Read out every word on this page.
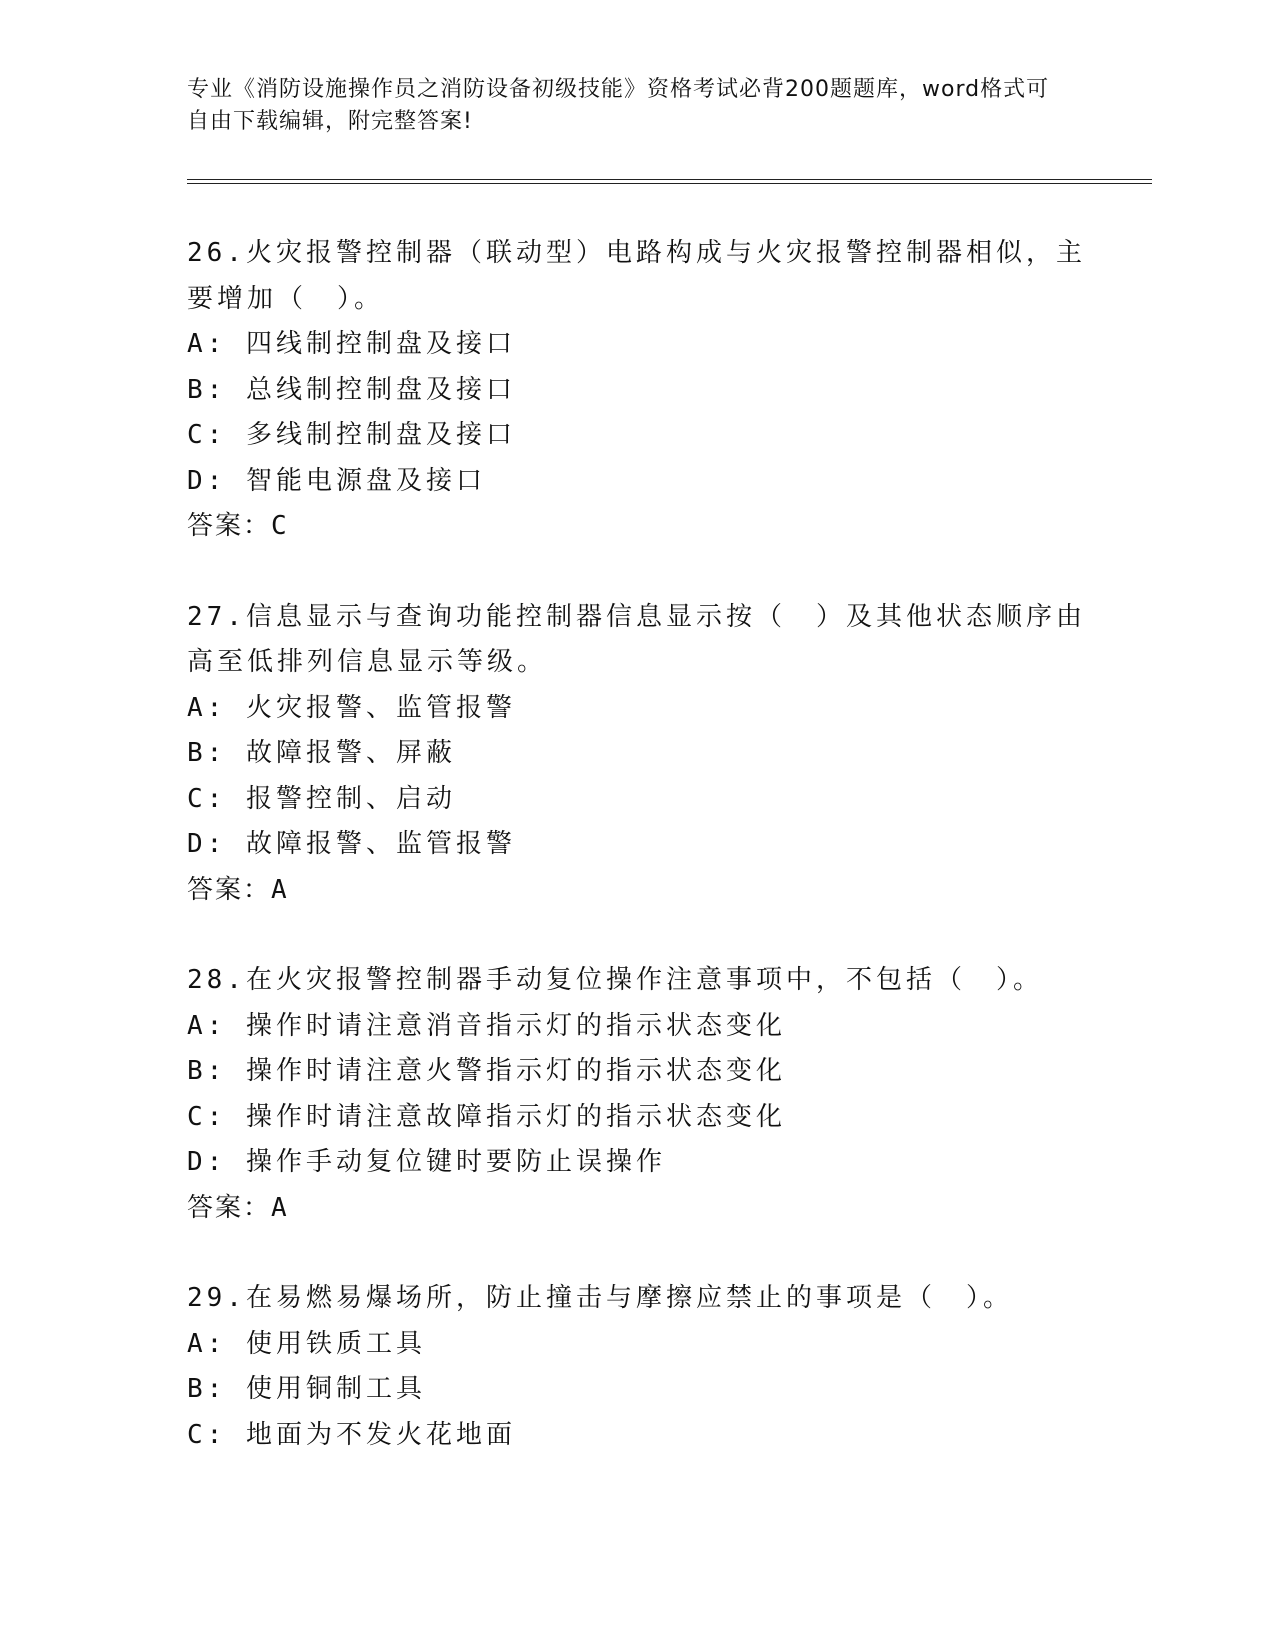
专业《消防设施操作员之消防设备初级技能》资格考试必背200题题库，word格式可自由下载编辑，附完整答案!
26.火灾报警控制器（联动型）电路构成与火灾报警控制器相似，主要增加（　）。
A: 四线制控制盘及接口
B: 总线制控制盘及接口
C: 多线制控制盘及接口
D: 智能电源盘及接口
答案：C
27.信息显示与查询功能控制器信息显示按（　）及其他状态顺序由高至低排列信息显示等级。
A: 火灾报警、监管报警
B: 故障报警、屏蔽
C: 报警控制、启动
D: 故障报警、监管报警
答案：A
28.在火灾报警控制器手动复位操作注意事项中，不包括（　）。
A: 操作时请注意消音指示灯的指示状态变化
B: 操作时请注意火警指示灯的指示状态变化
C: 操作时请注意故障指示灯的指示状态变化
D: 操作手动复位键时要防止误操作
答案：A
29.在易燃易爆场所，防止撞击与摩擦应禁止的事项是（　）。
A: 使用铁质工具
B: 使用铜制工具
C: 地面为不发火花地面
